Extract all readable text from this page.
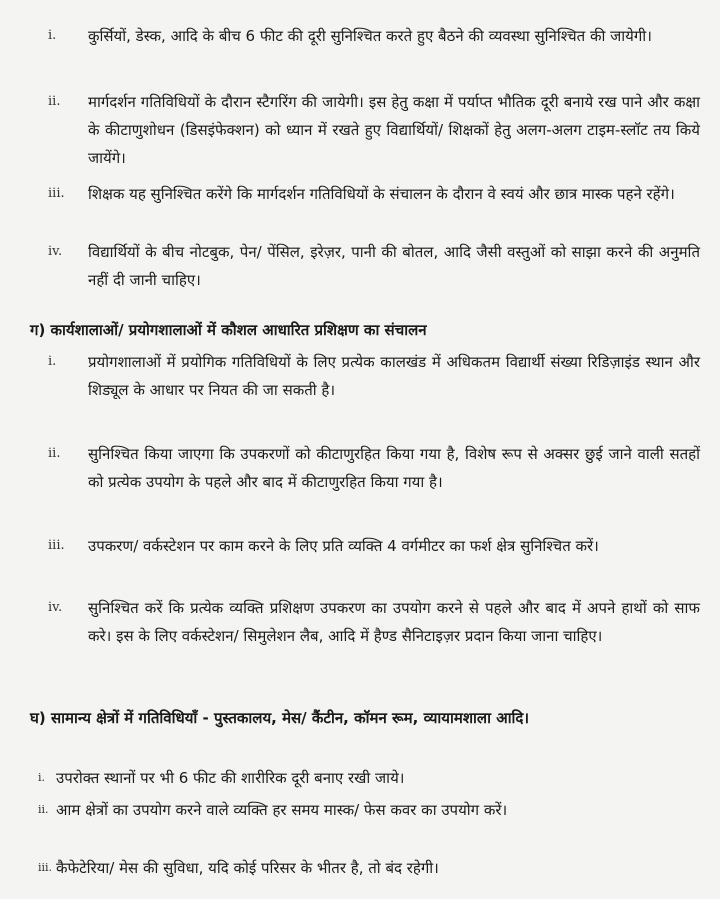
i. कुर्सियों, डेस्क, आदि के बीच 6 फीट की दूरी सुनिश्चित करते हुए बैठने की व्यवस्था सुनिश्चित की जायेगी।
ii. मार्गदर्शन गतिविधियों के दौरान स्टैगरिंग की जायेगी। इस हेतु कक्षा में पर्याप्त भौतिक दूरी बनाये रख पाने और कक्षा के कीटाणुशोधन (डिसइंफेक्शन) को ध्यान में रखते हुए विद्यार्थियों/ शिक्षकों हेतु अलग-अलग टाइम-स्लॉट तय किये जायेंगे।
iii. शिक्षक यह सुनिश्चित करेंगे कि मार्गदर्शन गतिविधियों के संचालन के दौरान वे स्वयं और छात्र मास्क पहने रहेंगे।
iv. विद्यार्थियों के बीच नोटबुक, पेन/ पेंसिल, इरेज़र, पानी की बोतल, आदि जैसी वस्तुओं को साझा करने की अनुमति नहीं दी जानी चाहिए।
ग) कार्यशालाओं/ प्रयोगशालाओं में कौशल आधारित प्रशिक्षण का संचालन
i. प्रयोगशालाओं में प्रयोगिक गतिविधियों के लिए प्रत्येक कालखंड में अधिकतम विद्यार्थी संख्या रिडिज़ाइंड स्थान और शिड्यूल के आधार पर नियत की जा सकती है।
ii. सुनिश्चित किया जाएगा कि उपकरणों को कीटाणुरहित किया गया है, विशेष रूप से अक्सर छुई जाने वाली सतहों को प्रत्येक उपयोग के पहले और बाद में कीटाणुरहित किया गया है।
iii. उपकरण/ वर्कस्टेशन पर काम करने के लिए प्रति व्यक्ति 4 वर्गमीटर का फर्श क्षेत्र सुनिश्चित करें।
iv. सुनिश्चित करें कि प्रत्येक व्यक्ति प्रशिक्षण उपकरण का उपयोग करने से पहले और बाद में अपने हाथों को साफ करे। इस के लिए वर्कस्टेशन/ सिमुलेशन लैब, आदि में हैण्ड सैनिटाइज़र प्रदान किया जाना चाहिए।
घ) सामान्य क्षेत्रों में गतिविधियाँ - पुस्तकालय, मेस/ कैंटीन, कॉमन रूम, व्यायामशाला आदि।
i. उपरोक्त स्थानों पर भी 6 फीट की शारीरिक दूरी बनाए रखी जाये।
ii. आम क्षेत्रों का उपयोग करने वाले व्यक्ति हर समय मास्क/ फेस कवर का उपयोग करें।
iii. कैफेटेरिया/ मेस की सुविधा, यदि कोई परिसर के भीतर है, तो बंद रहेगी।
